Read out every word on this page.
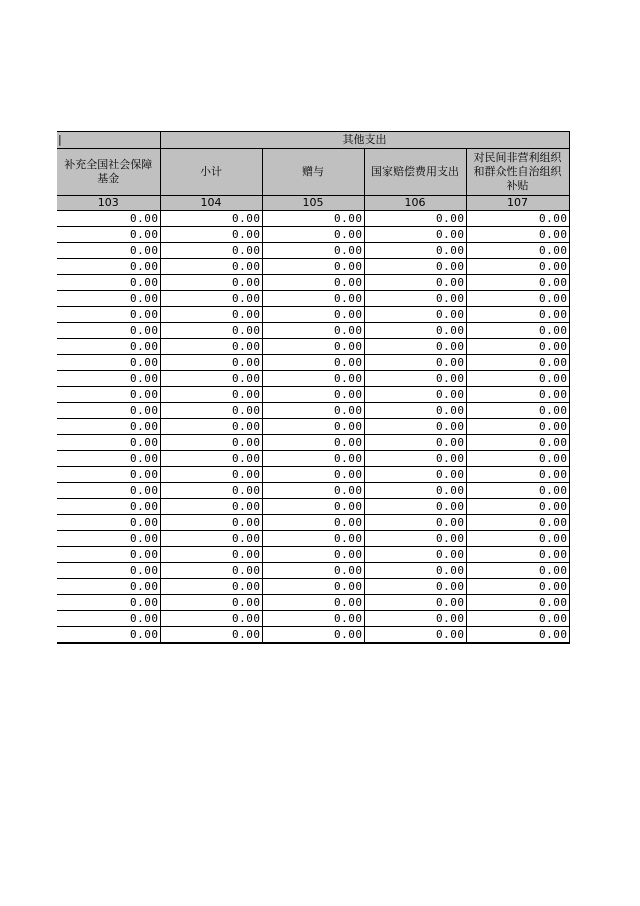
|	其他支出			
补充全国社会保障基金	小计	赠与	国家赔偿费用支出	对民间非营利组织和群众性自治组织补贴
103	104	105	106	107
0.00	0.00	0.00	0.00	0.00
0.00	0.00	0.00	0.00	0.00
0.00	0.00	0.00	0.00	0.00
0.00	0.00	0.00	0.00	0.00
0.00	0.00	0.00	0.00	0.00
0.00	0.00	0.00	0.00	0.00
0.00	0.00	0.00	0.00	0.00
0.00	0.00	0.00	0.00	0.00
0.00	0.00	0.00	0.00	0.00
0.00	0.00	0.00	0.00	0.00
0.00	0.00	0.00	0.00	0.00
0.00	0.00	0.00	0.00	0.00
0.00	0.00	0.00	0.00	0.00
0.00	0.00	0.00	0.00	0.00
0.00	0.00	0.00	0.00	0.00
0.00	0.00	0.00	0.00	0.00
0.00	0.00	0.00	0.00	0.00
0.00	0.00	0.00	0.00	0.00
0.00	0.00	0.00	0.00	0.00
0.00	0.00	0.00	0.00	0.00
0.00	0.00	0.00	0.00	0.00
0.00	0.00	0.00	0.00	0.00
0.00	0.00	0.00	0.00	0.00
0.00	0.00	0.00	0.00	0.00
0.00	0.00	0.00	0.00	0.00
0.00	0.00	0.00	0.00	0.00
0.00	0.00	0.00	0.00	0.00
